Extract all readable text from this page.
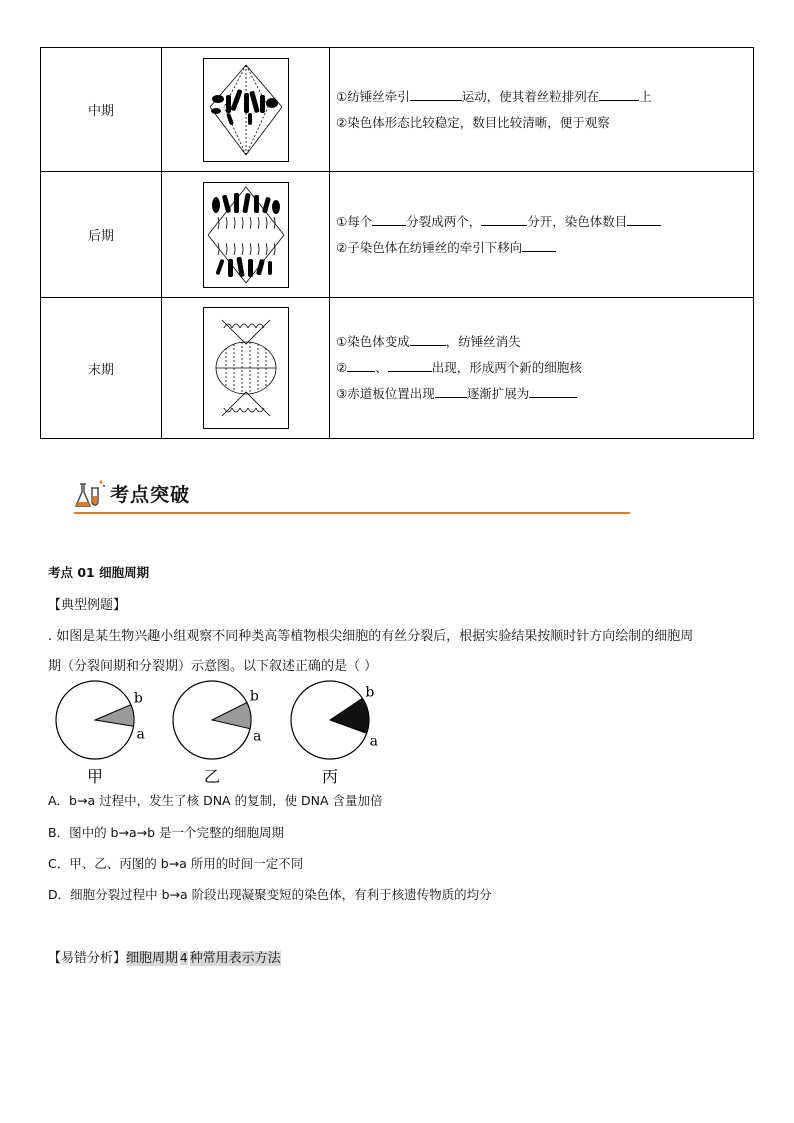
中期		①纺锤丝牵引 运动，使其着丝粒排列在 上
②染色体形态比较稳定，数目比较清晰，便于观察

后期		①每个 分裂成两个， 分开，染色体数目
②子染色体在纺锤丝的牵引下移向

末期		①染色体变成 ，纺锤丝消失
② 、 出现，形成两个新的细胞核
③赤道板位置出现 逐渐扩展为
考点突破
考点 01 细胞周期
【典型例题】
. 如图是某生物兴趣小组观察不同种类高等植物根尖细胞的有丝分裂后，根据实验结果按顺时针方向绘制的细胞周
期（分裂间期和分裂期）示意图。以下叙述正确的是（ ）
b
a
甲
b
a
乙
b
a
丙
A．b→a 过程中，发生了核 DNA 的复制，使 DNA 含量加倍
B．图中的 b→a→b 是一个完整的细胞周期
C．甲、乙、丙图的 b→a 所用的时间一定不同
D．细胞分裂过程中 b→a 阶段出现凝聚变短的染色体，有利于核遗传物质的均分
【易错分析】细胞周期 4 种常用表示方法
